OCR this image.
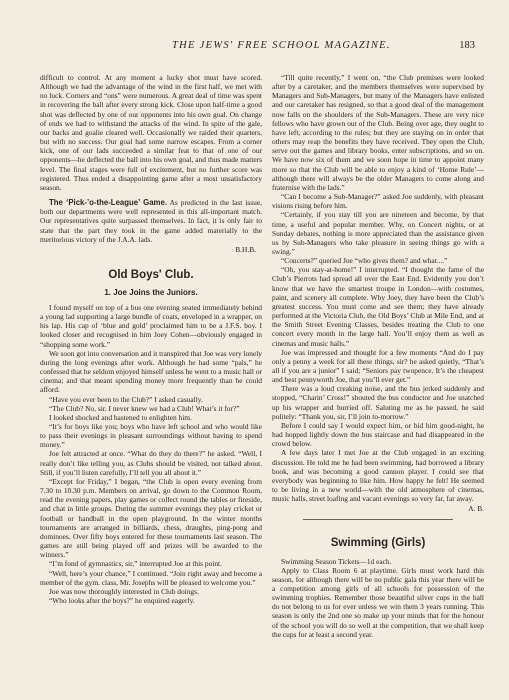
THE JEWS' FREE SCHOOL MAGAZINE.	183

difficult to control. At any moment a lucky shot must have scored. Although we had the advantage of the wind in the first half, we met with no luck. Corners and “ons” were numerous. A great deal of time was spent in recovering the ball after every strong kick. Close upon half-time a good shot was deflected by one of our opponents into his own goal. On change of ends we had to withstand the attacks of the wind. In spite of the gale, our backs and goalie cleared well. Occasionally we raided their quarters, but with no success. Our goal had some narrow escapes. From a corner kick, one of our lads succeeded a similar feat to that of one of our opponents—he deflected the ball into his own goal, and thus made matters level. The final stages were full of excitement, but no further score was registered. Thus ended a disappointing game after a most unsatisfactory season.

The ‘Pick-’o-the-League’ Game. As predicted in the last issue, both our departments were well represented in this all-important match. Our representatives quite surpassed themselves. In fact, it is only fair to state that the part they took in the game added materially to the meritorious victory of the J.A.A. lads.

B.H.B.
Old Boys' Club.
1. Joe Joins the Juniors.

I found myself on top of a bus one evening seated immediately behind a young lad supporting a large bundle of coats, enveloped in a wrapper, on his lap. His cap of ‘blue and gold’ proclaimed him to be a J.F.S. boy. I looked closer and recognised in him Joey Cohen—obviously engaged in “shopping some work.”

We soon got into conversation and it transpired that Joe was very lonely during the long evenings after work. Although he had some “pals,” he confessed that he seldom enjoyed himself unless he went to a music hall or cinema; and that meant spending money more frequently than he could afford.

“Have you ever been to the Club?” I asked casually.

“The Club? No, sir. I never knew we had a Club! What’s it for?”

I looked shocked and hastened to enlighten him.

“It’s for boys like you; boys who have left school and who would like to pass their evenings in pleasant surroundings without having to spend money.”

Joe felt attracted at once. “What do they do there?” he asked. “Well, I really don’t like telling you, as Clubs should be visited, not talked about. Still, if you’ll listen carefully, I’ll tell you all about it.”

“Except for Friday,” I began, “the Club is open every evening from 7.30 to 10.30 p.m. Members on arrival, go down to the Common Room, read the evening papers, play games or collect round the tables or fireside, and chat in little groups. During the summer evenings they play cricket or football or handball in the open playground. In the winter months tournaments are arranged in billiards, chess, draughts, ping-pong and dominoes. Over fifty boys entered for these tournaments last season. The games are still being played off and prizes will be awarded to the winners.”

“I’m fond of gymnastics, sir,” interrupted Joe at this point.

“Well, here’s your chance,” I continued. “Join right away and become a member of the gym. class, Mr. Josephs will be pleased to welcome you.”

Joe was now thoroughly interested in Club doings.

“Who looks after the boys?” he enquired eagerly.

“Till quite recently,” I went on, “the Club premises were looked after by a caretaker, and the members themselves were supervised by Managers and Sub-Managers, but many of the Managers have enlisted and our caretaker has resigned, so that a good deal of the management now falls on the shoulders of the Sub-Managers. These are very nice fellows who have grown out of the Club. Being over age, they ought to have left, according to the rules; but they are staying on in order that others may reap the benefits they have received. They open the Club, serve out the games and library books, enter subscriptions, and so on. We have now six of them and we soon hope in time to appoint many more so that the Club will be able to enjoy a kind of ‘Home Rule’—although there will always be the older Managers to come along and fraternise with the lads.”

“Can I become a Sub-Manager?” asked Joe suddenly, with pleasant visions rising before him.

“Certainly, if you stay till you are nineteen and become, by that time, a useful and popular member. Why, on Concert nights, or at Sunday debates, nothing is more appreciated than the assistance given us by Sub-Managers who take pleasure in seeing things go with a swing.”

“Concerts?” queried Joe “who gives them? and what....”

“Oh, you stay-at-home!” I interrupted. “I thought the fame of the Club’s Pierrots had spread all over the East End. Evidently you don’t know that we have the smartest troupe in London—with costumes, paint, and scenery all complete. Why Joey, they have been the Club’s greatest success. You must come and see them; they have already performed at the Victoria Club, the Old Boys’ Club at Mile End, and at the Smith Street Evening Classes, besides treating the Club to one concert every month in the large hall. You’ll enjoy them as well as cinemas and music halls.”

Joe was impressed and thought for a few moments “And do I pay only a penny a week for all these things, sir? he asked quietly, “That’s all if you are a junior” I said; “Seniors pay twopence. It’s the cheapest and best pennyworth Joe, that you’ll ever get.”

There was a loud creaking noise, and the bus jerked suddenly and stopped, “Charin’ Cross!” shouted the bus conductor and Joe snatched up his wrapper and hurried off. Saluting me as he passed, he said politely: “Thank you, sir, I’ll join to-morrow.”

Before I could say I would expect him, or bid him good-night, he had hopped lightly down the bus staircase and had disappeared in the crowd below.

A few days later I met Joe at the Club engaged in an exciting discussion. He told me he had been swimming, had borrowed a library book, and was becoming a good cannon player. I could see that everybody was beginning to like him. How happy he felt! He seemed to be living in a new world—with the old atmosphere of cinemas, music halls, street loafing and vacant evenings so very far, far away.

A. B.
Swimming (Girls)

Swimming Season Tickets—1d each.

Apply to Class Room 6 at playtime. Girls must work hard this season, for although there will be no public gala this year there will be a competition among girls of all schools for possession of the swimming trophies. Remember those beautiful silver cups in the hall do not belong to us for ever unless we win them 3 years running. This season is only the 2nd one so make up your minds that for the honour of the school you will do so well at the competition, that we shall keep the cups for at least a second year.
